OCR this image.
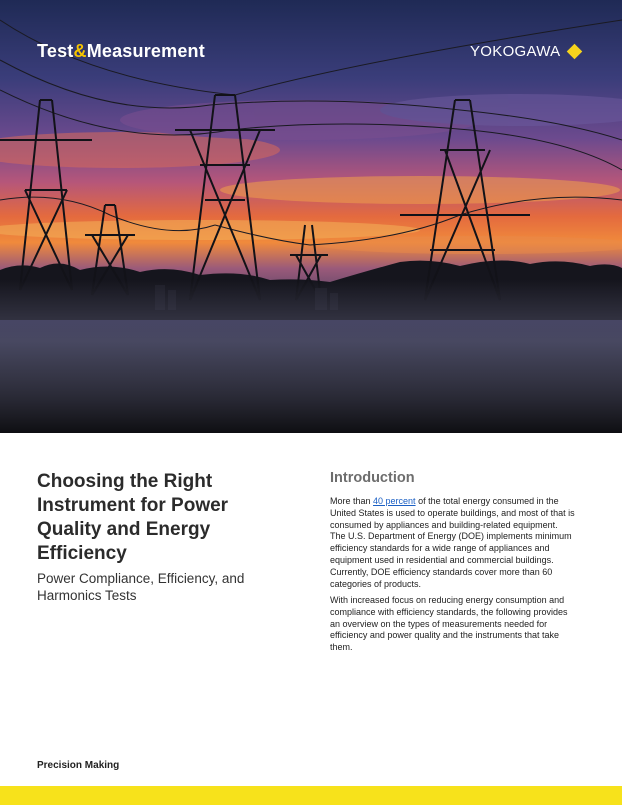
Test&Measurement	YOKOGAWA
Choosing the Right Instrument for Power Quality and Energy Efficiency

Power Compliance, Efficiency, and Harmonics Tests

Introduction

More than 40 percent of the total energy consumed in the United States is used to operate buildings, and most of that is consumed by appliances and building-related equipment. The U.S. Department of Energy (DOE) implements minimum efficiency standards for a wide range of appliances and equipment used in residential and commercial buildings. Currently, DOE efficiency standards cover more than 60 categories of products.

With increased focus on reducing energy consumption and compliance with efficiency standards, the following provides an overview on the types of measurements needed for efficiency and power quality and the instruments that take them.

Precision Making
